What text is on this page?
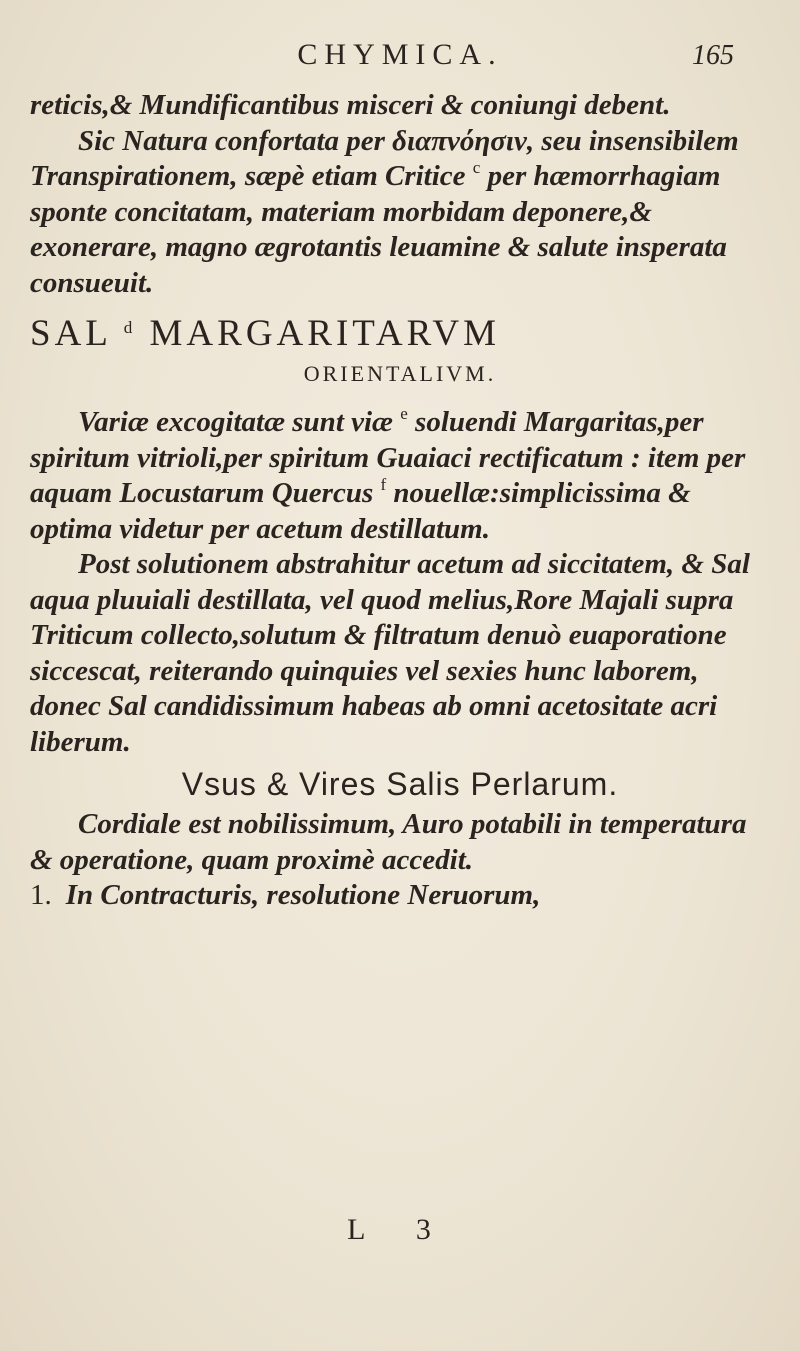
CHYMICA.	165

reticis,& Mundificantibus misceri & coniungi debent.

Sic Natura confortata per διαπνόησιν, seu insensibilem Transpirationem, sæpè etiam Critice $^c$ per hæmorrhagiam sponte concitatam, materiam morbidam deponere,& exonerare, magno ægrotantis leuamine & salute insperata consueuit.

SAL $^d$ MARGARITARVM
ORIENTALIVM.

Variæ excogitatæ sunt viæ $^e$ soluendi Margaritas,per spiritum vitrioli,per spiritum Guaiaci rectificatum : item per aquam Locustarum Quercus $^f$ nouellæ:simplicissima & optima videtur per acetum destillatum.

Post solutionem abstrahitur acetum ad siccitatem, & Sal aqua pluuiali destillata, vel quod melius,Rore Majali supra Triticum collecto,solutum & filtratum denuò euaporatione siccescat, reiterando quinquies vel sexies hunc laborem, donec Sal candidissimum habeas ab omni acetositate acri liberum.

Vsus & Vires Salis Perlarum.

Cordiale est nobilissimum, Auro potabili in temperatura & operatione, quam proximè accedit.

1. In Contracturis, resolutione Neruorum,

L 3
